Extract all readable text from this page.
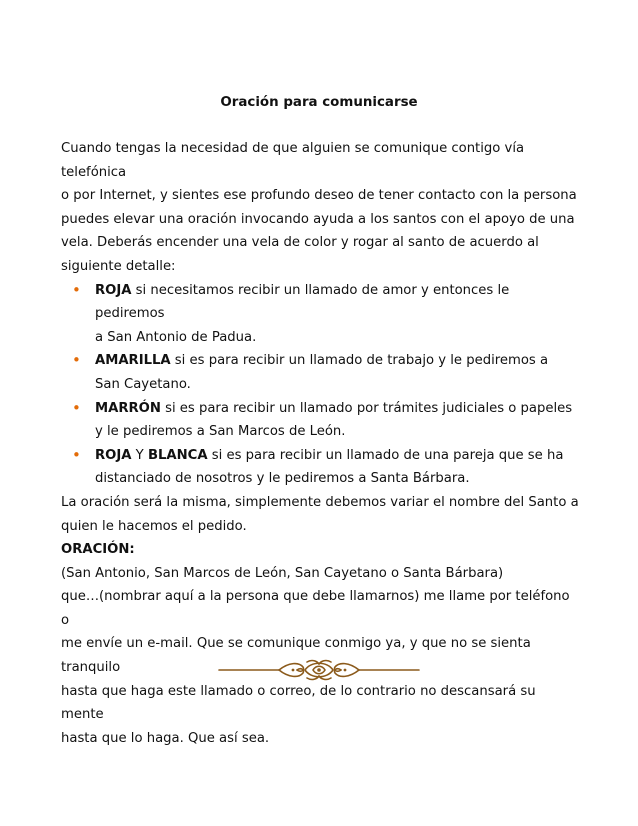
Oración para comunicarse

Cuando tengas la necesidad de que alguien se comunique contigo vía telefónica

o por Internet, y sientes ese profundo deseo de tener contacto con la persona

puedes elevar una oración invocando ayuda a los santos con el apoyo de una

vela. Deberás encender una vela de color y rogar al santo de acuerdo al

siguiente detalle:

• ROJA si necesitamos recibir un llamado de amor y entonces le pediremos
a San Antonio de Padua.
• AMARILLA si es para recibir un llamado de trabajo y le pediremos a
San Cayetano.
• MARRÓN si es para recibir un llamado por trámites judiciales o papeles
y le pediremos a San Marcos de León.
• ROJA Y BLANCA si es para recibir un llamado de una pareja que se ha
distanciado de nosotros y le pediremos a Santa Bárbara.

La oración será la misma, simplemente debemos variar el nombre del Santo a

quien le hacemos el pedido.

ORACIÓN:

(San Antonio, San Marcos de León, San Cayetano o Santa Bárbara)

que…(nombrar aquí a la persona que debe llamarnos) me llame por teléfono o

me envíe un e-mail. Que se comunique conmigo ya, y que no se sienta tranquilo

hasta que haga este llamado o correo, de lo contrario no descansará su mente

hasta que lo haga. Que así sea.
